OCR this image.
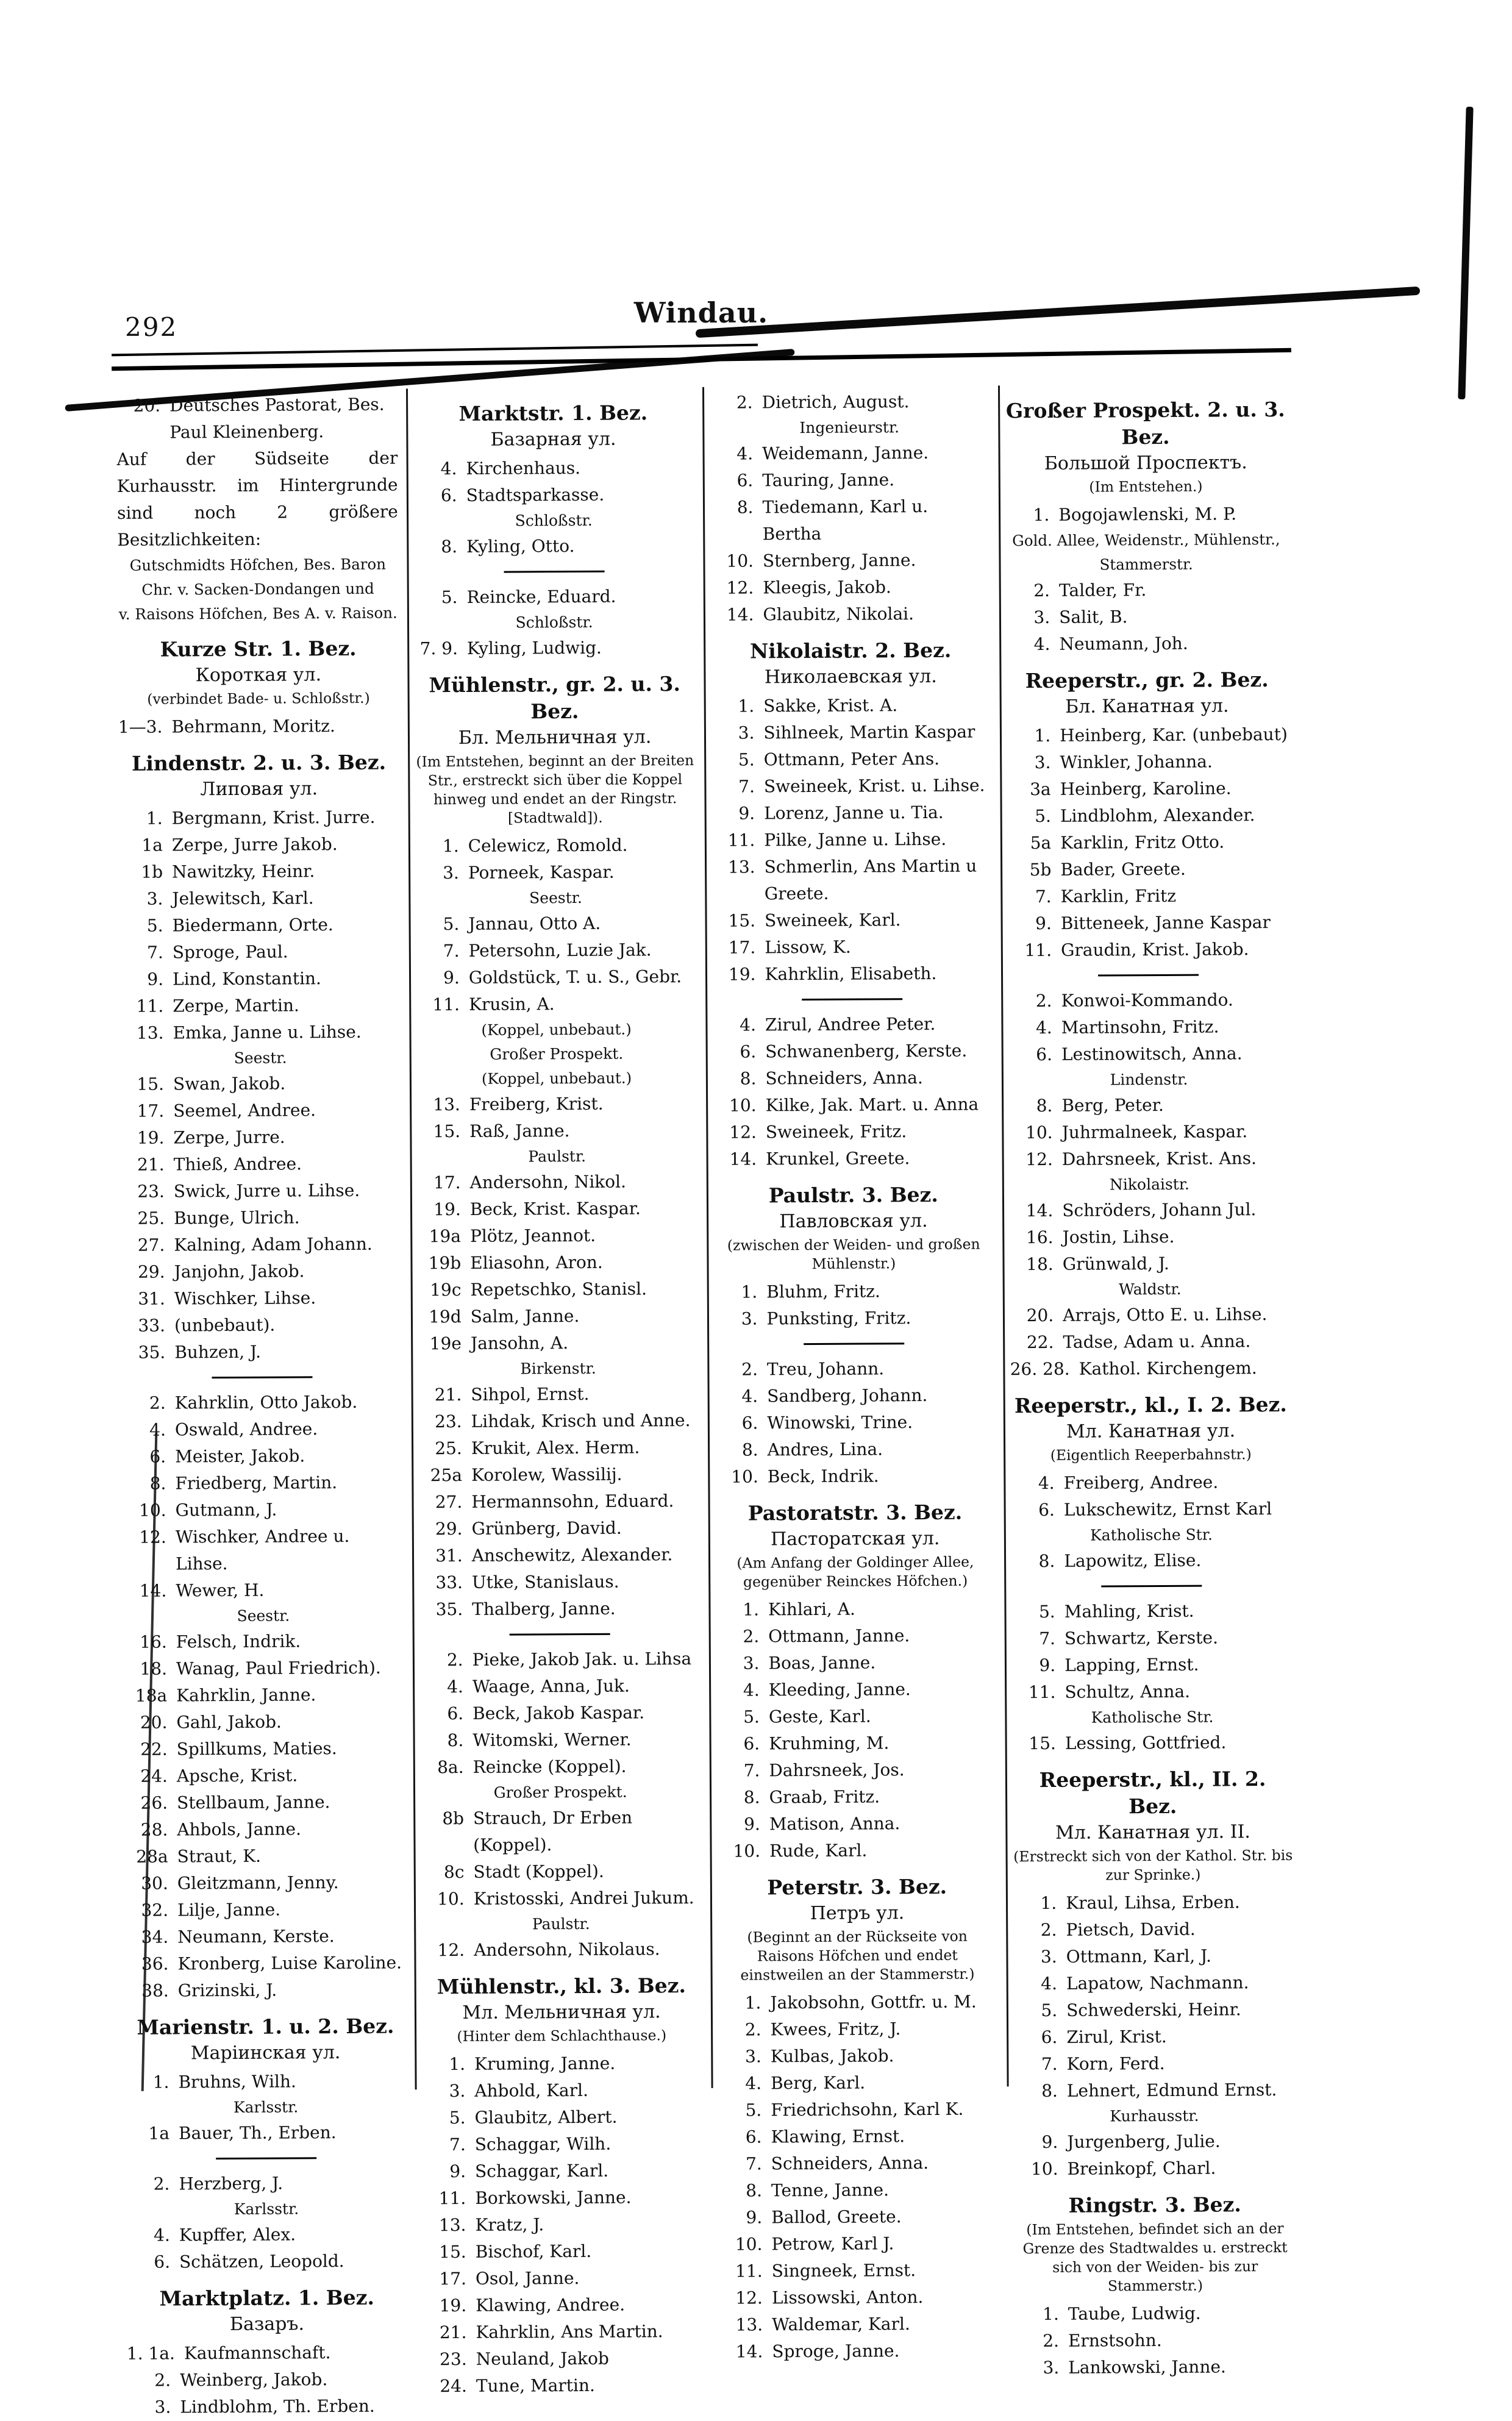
292	Windau.
20. Deutsches Pastorat, Bes. Paul Kleinenberg.
Auf der Südseite der Kurhausstr. im Hintergrunde sind noch 2 größere Besitzlichkeiten:
Gutschmidts Höfchen, Bes. Baron Chr. v. Sacken-Dondangen und
v. Raisons Höfchen, Bes A. v. Raison.
Kurze Str. 1. Bez.
Короткая ул.
(verbindet Bade- u. Schloßstr.)
1—3. Behrmann, Moritz.
Lindenstr. 2. u. 3. Bez.
Липовая ул.
1. Bergmann, Krist. Jurre.
1a Zerpe, Jurre Jakob.
1b Nawitzky, Heinr.
3. Jelewitsch, Karl.
5. Biedermann, Orte.
7. Sproge, Paul.
9. Lind, Konstantin.
11. Zerpe, Martin.
13. Emka, Janne u. Lihse.
Seestr.
15. Swan, Jakob.
17. Seemel, Andree.
19. Zerpe, Jurre.
21. Thieß, Andree.
23. Swick, Jurre u. Lihse.
25. Bunge, Ulrich.
27. Kalning, Adam Johann.
29. Janjohn, Jakob.
31. Wischker, Lihse.
33. (unbebaut).
35. Buhzen, J.
2. Kahrklin, Otto Jakob.
4. Oswald, Andree.
6. Meister, Jakob.
8. Friedberg, Martin.
10. Gutmann, J.
12. Wischker, Andree u. Lihse.
14. Wewer, H.
Seestr.
16. Felsch, Indrik.
18. Wanag, Paul Friedrich).
18a Kahrklin, Janne.
20. Gahl, Jakob.
22. Spillkums, Maties.
24. Apsche, Krist.
26. Stellbaum, Janne.
28. Ahbols, Janne.
28a Straut, K.
30. Gleitzmann, Jenny.
32. Lilje, Janne.
34. Neumann, Kerste.
36. Kronberg, Luise Karoline.
38. Grizinski, J.
Marienstr. 1. u. 2. Bez.
Маріинская ул.
1. Bruhns, Wilh.
Karlsstr.
1a Bauer, Th., Erben.
2. Herzberg, J.
Karlsstr.
4. Kupffer, Alex.
6. Schätzen, Leopold.
Marktplatz. 1. Bez.
Базаръ.
1. 1a. Kaufmannschaft.
2. Weinberg, Jakob.
3. Lindblohm, Th. Erben.
Marktstr. 1. Bez.
Базарная ул.
4. Kirchenhaus.
6. Stadtsparkasse.
Schloßstr.
8. Kyling, Otto.
5. Reincke, Eduard.
Schloßstr.
7. 9. Kyling, Ludwig.
Mühlenstr., gr. 2. u. 3. Bez.
Бл. Мельничная ул.
(Im Entstehen, beginnt an der Breiten Str., erstreckt sich über die Koppel hinweg und endet an der Ringstr. [Stadtwald]).
1. Celewicz, Romold.
3. Porneek, Kaspar.
Seestr.
5. Jannau, Otto A.
7. Petersohn, Luzie Jak.
9. Goldstück, T. u. S., Gebr.
11. Krusin, A.
(Koppel, unbebaut.)
Großer Prospekt.
(Koppel, unbebaut.)
13. Freiberg, Krist.
15. Raß, Janne.
Paulstr.
17. Andersohn, Nikol.
19. Beck, Krist. Kaspar.
19a Plötz, Jeannot.
19b Eliasohn, Aron.
19c Repetschko, Stanisl.
19d Salm, Janne.
19e Jansohn, A.
Birkenstr.
21. Sihpol, Ernst.
23. Lihdak, Krisch und Anne.
25. Krukit, Alex. Herm.
25a Korolew, Wassilij.
27. Hermannsohn, Eduard.
29. Grünberg, David.
31. Anschewitz, Alexander.
33. Utke, Stanislaus.
35. Thalberg, Janne.
2. Pieke, Jakob Jak. u. Lihsa
4. Waage, Anna, Juk.
6. Beck, Jakob Kaspar.
8. Witomski, Werner.
8a. Reincke (Koppel).
Großer Prospekt.
8b Strauch, Dr Erben (Koppel).
8c Stadt (Koppel).
10. Kristosski, Andrei Jukum.
Paulstr.
12. Andersohn, Nikolaus.
Mühlenstr., kl. 3. Bez.
Мл. Мельничная ул.
(Hinter dem Schlachthause.)
1. Kruming, Janne.
3. Ahbold, Karl.
5. Glaubitz, Albert.
7. Schaggar, Wilh.
9. Schaggar, Karl.
11. Borkowski, Janne.
13. Kratz, J.
15. Bischof, Karl.
17. Osol, Janne.
19. Klawing, Andree.
21. Kahrklin, Ans Martin.
23. Neuland, Jakob
24. Tune, Martin.
2. Dietrich, August.
Ingenieurstr.
4. Weidemann, Janne.
6. Tauring, Janne.
8. Tiedemann, Karl u. Bertha
10. Sternberg, Janne.
12. Kleegis, Jakob.
14. Glaubitz, Nikolai.
Nikolaistr. 2. Bez.
Николаевская ул.
1. Sakke, Krist. A.
3. Sihlneek, Martin Kaspar
5. Ottmann, Peter Ans.
7. Sweineek, Krist. u. Lihse.
9. Lorenz, Janne u. Tia.
11. Pilke, Janne u. Lihse.
13. Schmerlin, Ans Martin u Greete.
15. Sweineek, Karl.
17. Lissow, K.
19. Kahrklin, Elisabeth.
4. Zirul, Andree Peter.
6. Schwanenberg, Kerste.
8. Schneiders, Anna.
10. Kilke, Jak. Mart. u. Anna
12. Sweineek, Fritz.
14. Krunkel, Greete.
Paulstr. 3. Bez.
Павловская ул.
(zwischen der Weiden- und großen Mühlenstr.)
1. Bluhm, Fritz.
3. Punksting, Fritz.
2. Treu, Johann.
4. Sandberg, Johann.
6. Winowski, Trine.
8. Andres, Lina.
10. Beck, Indrik.
Pastoratstr. 3. Bez.
Пасторатская ул.
(Am Anfang der Goldinger Allee, gegenüber Reinckes Höfchen.)
1. Kihlari, A.
2. Ottmann, Janne.
3. Boas, Janne.
4. Kleeding, Janne.
5. Geste, Karl.
6. Kruhming, M.
7. Dahrsneek, Jos.
8. Graab, Fritz.
9. Matison, Anna.
10. Rude, Karl.
Peterstr. 3. Bez.
Петръ ул.
(Beginnt an der Rückseite von Raisons Höfchen und endet einstweilen an der Stammerstr.)
1. Jakobsohn, Gottfr. u. M.
2. Kwees, Fritz, J.
3. Kulbas, Jakob.
4. Berg, Karl.
5. Friedrichsohn, Karl K.
6. Klawing, Ernst.
7. Schneiders, Anna.
8. Tenne, Janne.
9. Ballod, Greete.
10. Petrow, Karl J.
11. Singneek, Ernst.
12. Lissowski, Anton.
13. Waldemar, Karl.
14. Sproge, Janne.
Großer Prospekt. 2. u. 3. Bez.
Большой Проспектъ.
(Im Entstehen.)
1. Bogojawlenski, M. P.
Gold. Allee, Weidenstr., Mühlenstr., Stammerstr.
2. Talder, Fr.
3. Salit, B.
4. Neumann, Joh.
Reeperstr., gr. 2. Bez.
Бл. Канатная ул.
1. Heinberg, Kar. (unbebaut)
3. Winkler, Johanna.
3a Heinberg, Karoline.
5. Lindblohm, Alexander.
5a Karklin, Fritz Otto.
5b Bader, Greete.
7. Karklin, Fritz
9. Bitteneek, Janne Kaspar
11. Graudin, Krist. Jakob.
2. Konwoi-Kommando.
4. Martinsohn, Fritz.
6. Lestinowitsch, Anna.
Lindenstr.
8. Berg, Peter.
10. Juhrmalneek, Kaspar.
12. Dahrsneek, Krist. Ans.
Nikolaistr.
14. Schröders, Johann Jul.
16. Jostin, Lihse.
18. Grünwald, J.
Waldstr.
20. Arrajs, Otto E. u. Lihse.
22. Tadse, Adam u. Anna.
26. 28. Kathol. Kirchengem.
Reeperstr., kl., I. 2. Bez.
Мл. Канатная ул.
(Eigentlich Reeperbahnstr.)
4. Freiberg, Andree.
6. Lukschewitz, Ernst Karl
Katholische Str.
8. Lapowitz, Elise.
5. Mahling, Krist.
7. Schwartz, Kerste.
9. Lapping, Ernst.
11. Schultz, Anna.
Katholische Str.
15. Lessing, Gottfried.
Reeperstr., kl., II. 2. Bez.
Мл. Канатная ул. II.
(Erstreckt sich von der Kathol. Str. bis zur Sprinke.)
1. Kraul, Lihsa, Erben.
2. Pietsch, David.
3. Ottmann, Karl, J.
4. Lapatow, Nachmann.
5. Schwederski, Heinr.
6. Zirul, Krist.
7. Korn, Ferd.
8. Lehnert, Edmund Ernst.
Kurhausstr.
9. Jurgenberg, Julie.
10. Breinkopf, Charl.
Ringstr. 3. Bez.
(Im Entstehen, befindet sich an der Grenze des Stadtwaldes u. erstreckt sich von der Weiden- bis zur Stammerstr.)
1. Taube, Ludwig.
2. Ernstsohn.
3. Lankowski, Janne.
